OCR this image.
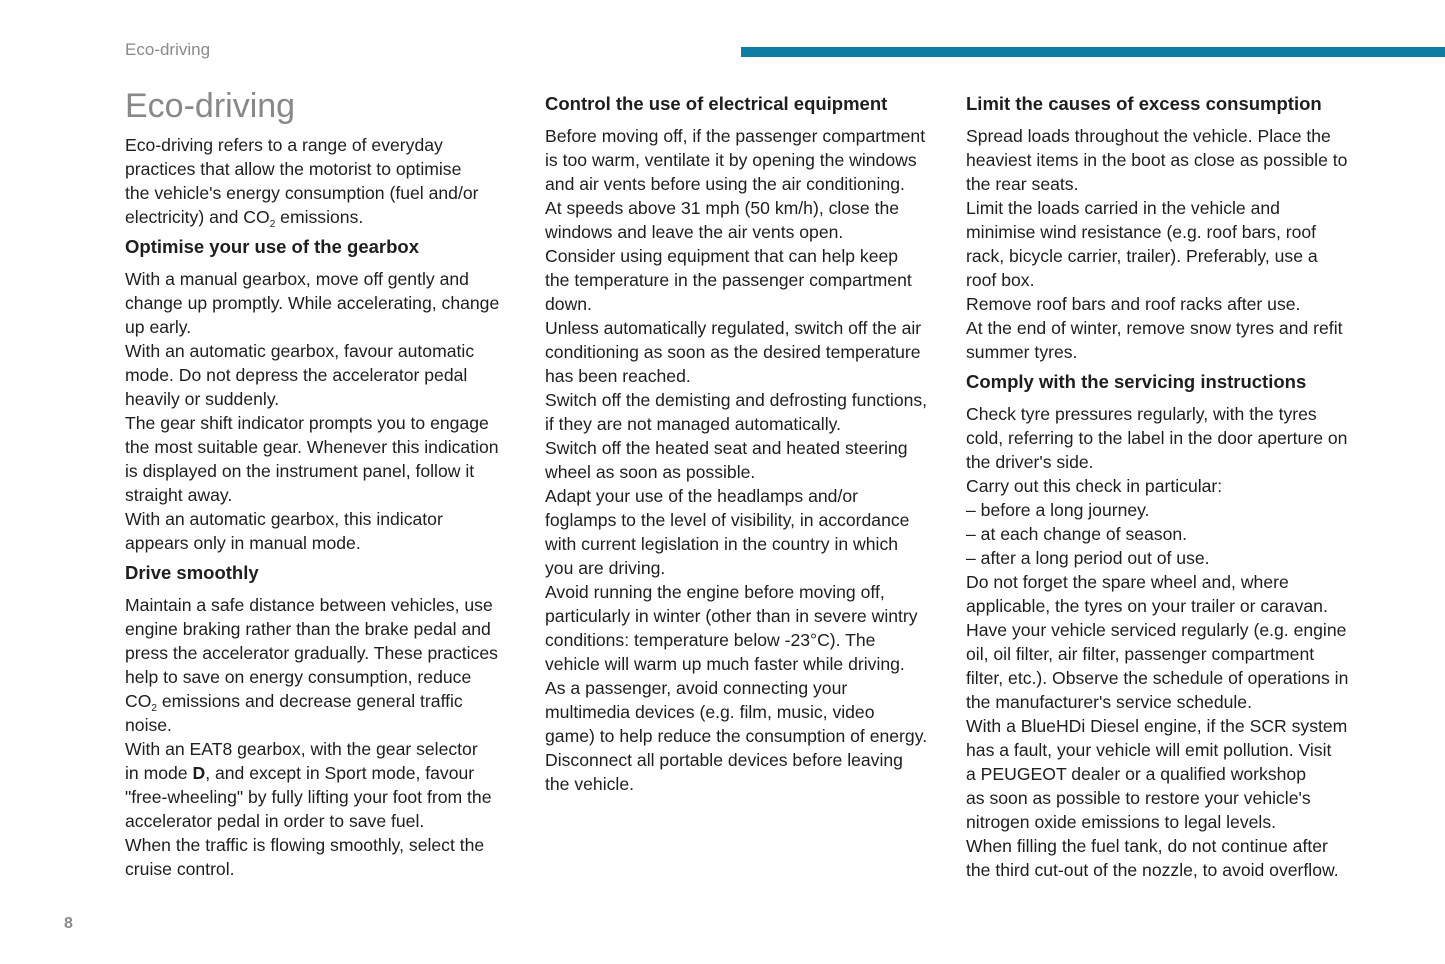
Eco-driving
Eco-driving
Eco-driving refers to a range of everyday
practices that allow the motorist to optimise
the vehicle's energy consumption (fuel and/or
electricity) and $CO_2$ emissions.
Optimise your use of the gearbox
With a manual gearbox, move off gently and
change up promptly. While accelerating, change
up early.
With an automatic gearbox, favour automatic
mode. Do not depress the accelerator pedal
heavily or suddenly.
The gear shift indicator prompts you to engage
the most suitable gear. Whenever this indication
is displayed on the instrument panel, follow it
straight away.
With an automatic gearbox, this indicator
appears only in manual mode.
Drive smoothly
Maintain a safe distance between vehicles, use
engine braking rather than the brake pedal and
press the accelerator gradually. These practices
help to save on energy consumption, reduce
$CO_2$ emissions and decrease general traffic
noise.
With an EAT8 gearbox, with the gear selector
in mode D, and except in Sport mode, favour
"free-wheeling" by fully lifting your foot from the
accelerator pedal in order to save fuel.
When the traffic is flowing smoothly, select the
cruise control.
Control the use of electrical equipment
Before moving off, if the passenger compartment
is too warm, ventilate it by opening the windows
and air vents before using the air conditioning.
At speeds above 31 mph (50 km/h), close the
windows and leave the air vents open.
Consider using equipment that can help keep
the temperature in the passenger compartment
down.
Unless automatically regulated, switch off the air
conditioning as soon as the desired temperature
has been reached.
Switch off the demisting and defrosting functions,
if they are not managed automatically.
Switch off the heated seat and heated steering
wheel as soon as possible.
Adapt your use of the headlamps and/or
foglamps to the level of visibility, in accordance
with current legislation in the country in which
you are driving.
Avoid running the engine before moving off,
particularly in winter (other than in severe wintry
conditions: temperature below -23°C). The
vehicle will warm up much faster while driving.
As a passenger, avoid connecting your
multimedia devices (e.g. film, music, video
game) to help reduce the consumption of energy.
Disconnect all portable devices before leaving
the vehicle.
Limit the causes of excess consumption
Spread loads throughout the vehicle. Place the
heaviest items in the boot as close as possible to
the rear seats.
Limit the loads carried in the vehicle and
minimise wind resistance (e.g. roof bars, roof
rack, bicycle carrier, trailer). Preferably, use a
roof box.
Remove roof bars and roof racks after use.
At the end of winter, remove snow tyres and refit
summer tyres.
Comply with the servicing instructions
Check tyre pressures regularly, with the tyres
cold, referring to the label in the door aperture on
the driver's side.
Carry out this check in particular:
– before a long journey.
– at each change of season.
– after a long period out of use.
Do not forget the spare wheel and, where
applicable, the tyres on your trailer or caravan.
Have your vehicle serviced regularly (e.g. engine
oil, oil filter, air filter, passenger compartment
filter, etc.). Observe the schedule of operations in
the manufacturer's service schedule.
With a BlueHDi Diesel engine, if the SCR system
has a fault, your vehicle will emit pollution. Visit
a PEUGEOT dealer or a qualified workshop
as soon as possible to restore your vehicle's
nitrogen oxide emissions to legal levels.
When filling the fuel tank, do not continue after
the third cut-out of the nozzle, to avoid overflow.
8
